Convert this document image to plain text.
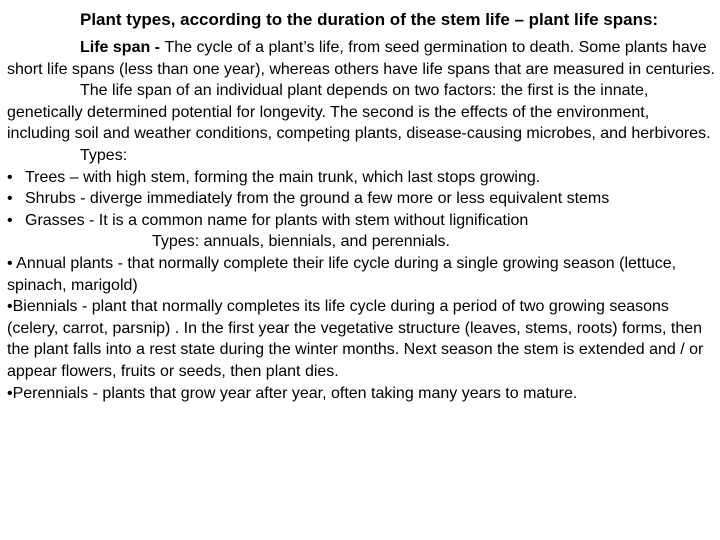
Plant types, according to the duration of the stem life – plant life spans:

Life span - The cycle of a plant’s life, from seed germination to death. Some plants have short life spans (less than one year), whereas others have life spans that are measured in centuries.

The life span of an individual plant depends on two factors: the first is the innate, genetically determined potential for longevity. The second is the effects of the environment, including soil and weather conditions, competing plants, disease-causing microbes, and herbivores.

Types:

• Trees – with high stem, forming the main trunk, which last stops growing.
• Shrubs - diverge immediately from the ground a few more or less equivalent stems
• Grasses - It is a common name for plants with stem without lignification

Types: annuals, biennials, and perennials.

• Annual plants - that normally complete their life cycle during a single growing season (lettuce, spinach, marigold)

•Biennials - plant that normally completes its life cycle during a period of two growing seasons (celery, carrot, parsnip) . In the first year the vegetative structure (leaves, stems, roots) forms, then the plant falls into a rest state during the winter months. Next season the stem is extended and / or appear flowers, fruits or seeds, then plant dies.

•Perennials - plants that grow year after year, often taking many years to mature.
